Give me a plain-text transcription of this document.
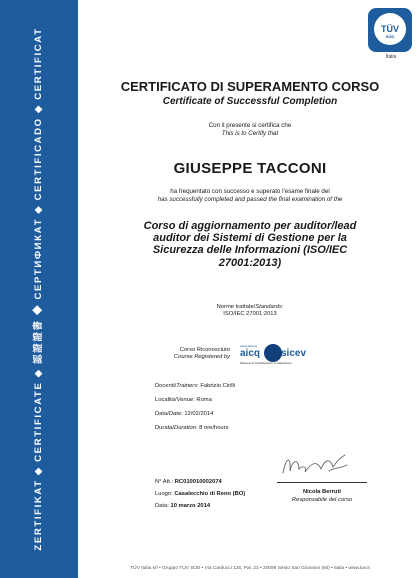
ZERTIFIKAT ◆ CERTIFICATE ◆ 認證證書 ◆ СЕРТИФИКАТ ◆ CERTIFICADO ◆ CERTIFICAT	TÜV
SÜD
Italia
CERTIFICATO DI SUPERAMENTO CORSO
Certificate of Successful Completion
Con il presente si certifica che
This is to Certify that
GIUSEPPE TACCONI
ha frequentato con successo e superato l'esame finale del
has successfully completed and passed the final examination of the
Corso di aggiornamento per auditor/lead
auditor dei Sistemi di Gestione per la
Sicurezza delle Informazioni (ISO/IEC
27001:2013)
Norme trattate/Standards:
ISO/IEC 27001:2013
Corso Riconosciuto
Course Registered by
associazione
aicq sicev
Sistema di Certificazione e Valutazione
Docenti/Trainers: Fabrizio Cirilli
Località/Venue: Roma
Data/Date: 12/02/2014
Durata/Duration: 8 ore/hours
N° Att.: RC010010002074
Luogo: Casalecchio di Reno (BO)
Data: 10 marzo 2014
Nicola Berruti
Responsabile del corso
TÜV Italia srl • Gruppo TÜV SÜD • Via Carducci 125, Pal. 23 • 20099 Sesto San Giovanni (Mi) • Italia • www.tuv.it
